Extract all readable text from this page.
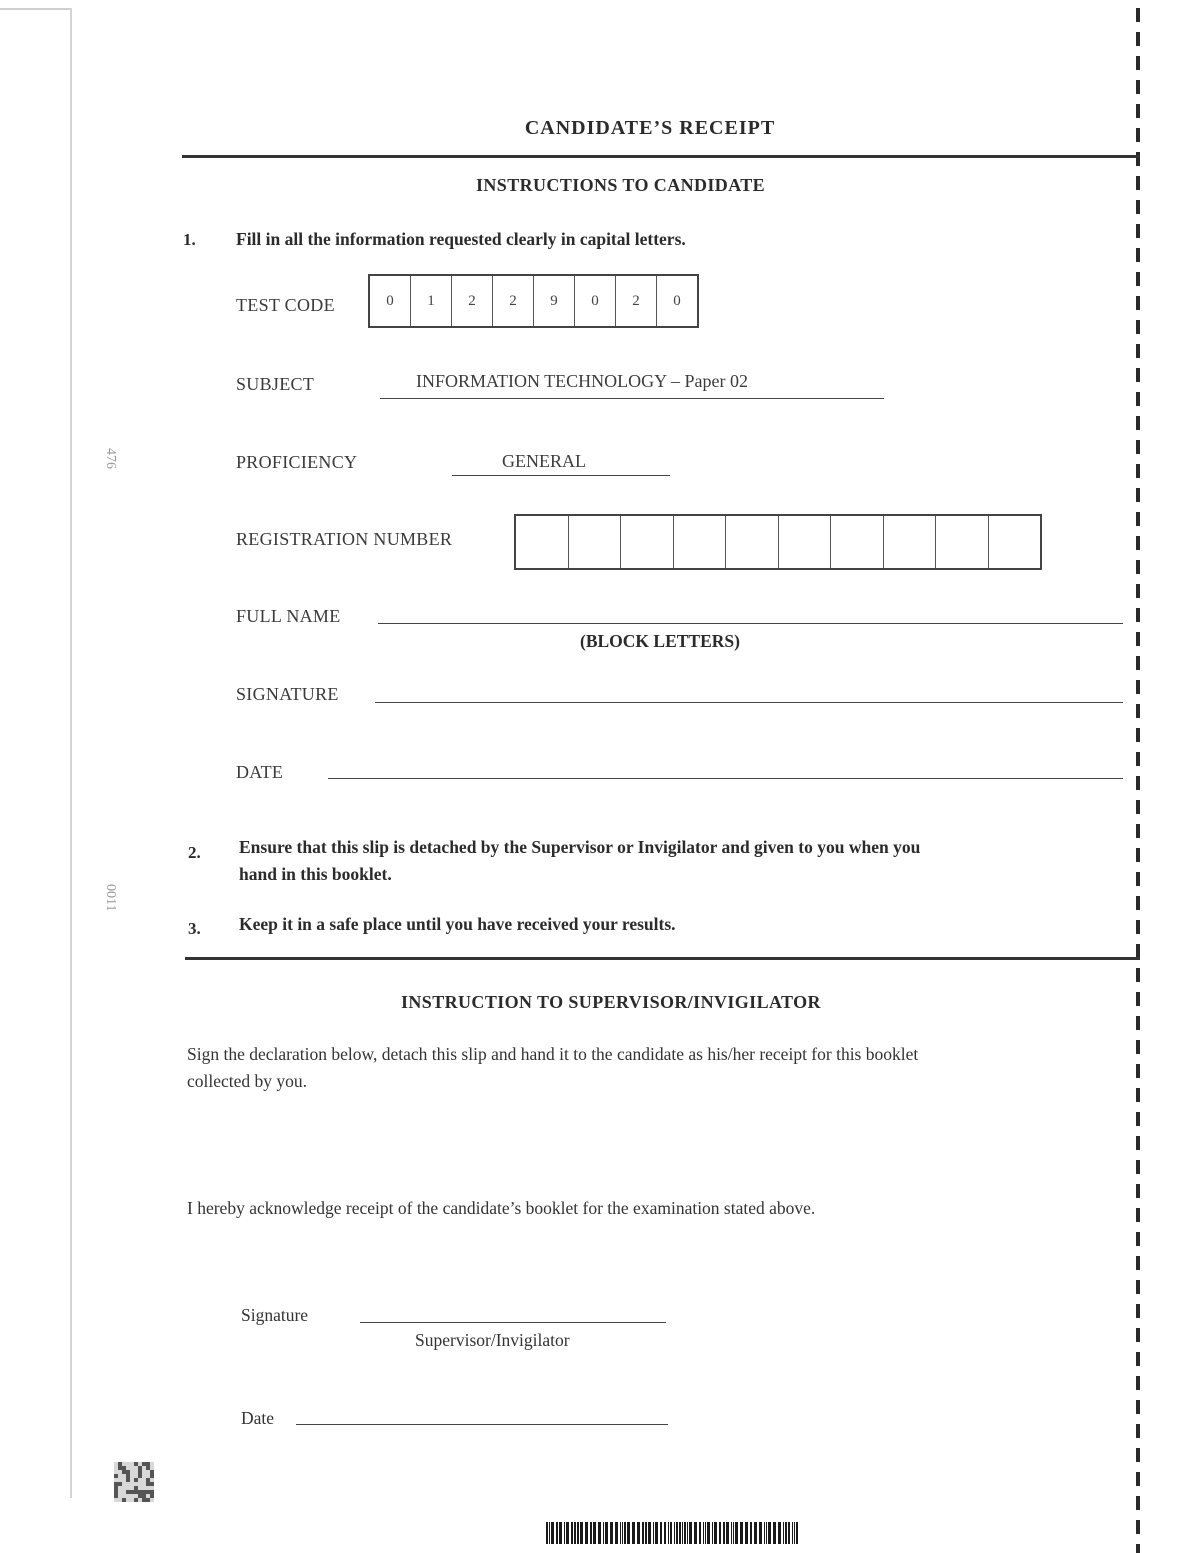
476
0011
CANDIDATE’S RECEIPT
INSTRUCTIONS TO CANDIDATE
1. Fill in all the information requested clearly in capital letters.
TEST CODE	0	1	2	2	9	0	2	0
SUBJECT	INFORMATION TECHNOLOGY – Paper 02
PROFICIENCY	GENERAL
REGISTRATION NUMBER
FULL NAME
(BLOCK LETTERS)
SIGNATURE
DATE
2. Ensure that this slip is detached by the Supervisor or Invigilator and given to you when you
hand in this booklet.
3. Keep it in a safe place until you have received your results.
INSTRUCTION TO SUPERVISOR/INVIGILATOR
Sign the declaration below, detach this slip and hand it to the candidate as his/her receipt for this booklet
collected by you.
I hereby acknowledge receipt of the candidate’s booklet for the examination stated above.
Signature
Supervisor/Invigilator
Date
